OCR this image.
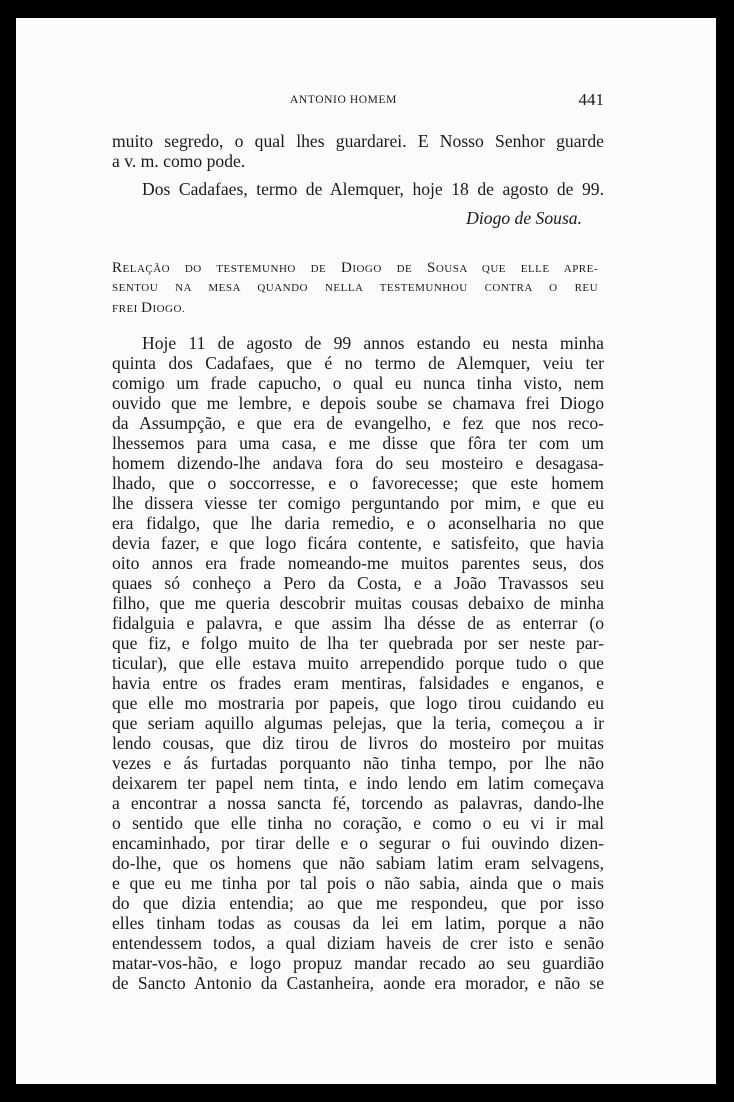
ANTONIO HOMEM	441
muito segredo, o qual lhes guardarei. E Nosso Senhor guarde
a v. m. como pode.
Dos Cadafaes, termo de Alemquer, hoje 18 de agosto de 99.
Diogo de Sousa.
RELAÇÃO DO TESTEMUNHO DE DIOGO DE SOUSA QUE ELLE APRE-
SENTOU NA MESA QUANDO NELLA TESTEMUNHOU CONTRA O REU
FREI DIOGO.
Hoje 11 de agosto de 99 annos estando eu nesta minha
quinta dos Cadafaes, que é no termo de Alemquer, veiu ter
comigo um frade capucho, o qual eu nunca tinha visto, nem
ouvido que me lembre, e depois soube se chamava frei Diogo
da Assumpção, e que era de evangelho, e fez que nos reco-
lhessemos para uma casa, e me disse que fôra ter com um
homem dizendo-lhe andava fora do seu mosteiro e desagasa-
lhado, que o soccorresse, e o favorecesse; que este homem
lhe dissera viesse ter comigo perguntando por mim, e que eu
era fidalgo, que lhe daria remedio, e o aconselharia no que
devia fazer, e que logo ficára contente, e satisfeito, que havia
oito annos era frade nomeando-me muitos parentes seus, dos
quaes só conheço a Pero da Costa, e a João Travassos seu
filho, que me queria descobrir muitas cousas debaixo de minha
fidalguia e palavra, e que assim lha désse de as enterrar (o
que fiz, e folgo muito de lha ter quebrada por ser neste par-
ticular), que elle estava muito arrependido porque tudo o que
havia entre os frades eram mentiras, falsidades e enganos, e
que elle mo mostraria por papeis, que logo tirou cuidando eu
que seriam aquillo algumas pelejas, que la teria, começou a ir
lendo cousas, que diz tirou de livros do mosteiro por muitas
vezes e ás furtadas porquanto não tinha tempo, por lhe não
deixarem ter papel nem tinta, e indo lendo em latim começava
a encontrar a nossa sancta fé, torcendo as palavras, dando-lhe
o sentido que elle tinha no coração, e como o eu vi ir mal
encaminhado, por tirar delle e o segurar o fui ouvindo dizen-
do-lhe, que os homens que não sabiam latim eram selvagens,
e que eu me tinha por tal pois o não sabia, ainda que o mais
do que dizia entendia; ao que me respondeu, que por isso
elles tinham todas as cousas da lei em latim, porque a não
entendessem todos, a qual diziam haveis de crer isto e senão
matar-vos-hão, e logo propuz mandar recado ao seu guardião
de Sancto Antonio da Castanheira, aonde era morador, e não se
